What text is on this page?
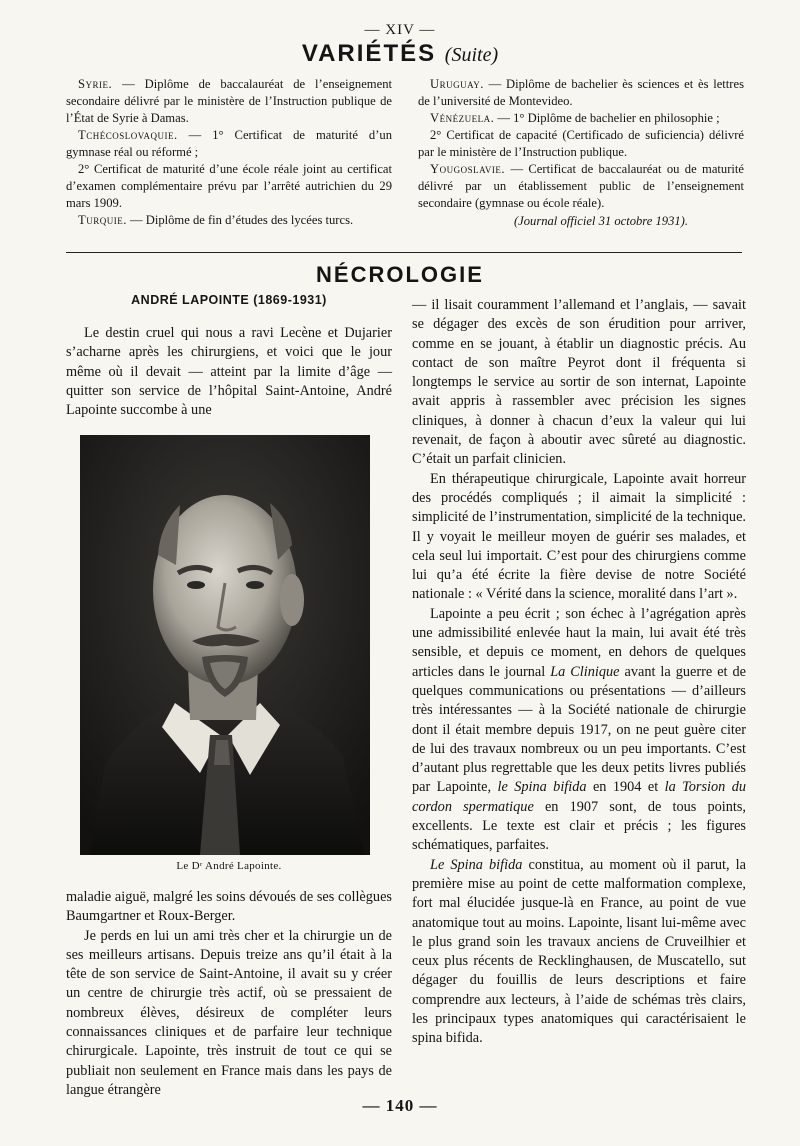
— XIV —
VARIÉTÉS (Suite)

Syrie. — Diplôme de baccalauréat de l’enseignement secondaire délivré par le ministère de l’Instruction publique de l’État de Syrie à Damas.

Tchécoslovaquie. — 1° Certificat de maturité d’un gymnase réal ou réformé ;

2° Certificat de maturité d’une école réale joint au certificat d’examen complémentaire prévu par l’arrêté autrichien du 29 mars 1909.

Turquie. — Diplôme de fin d’études des lycées turcs.

Uruguay. — Diplôme de bachelier ès sciences et ès lettres de l’université de Montevideo.

Vénézuela. — 1° Diplôme de bachelier en philosophie ;

2° Certificat de capacité (Certificado de suficiencia) délivré par le ministère de l’Instruction publique.

Yougoslavie. — Certificat de baccalauréat ou de maturité délivré par un établissement public de l’enseignement secondaire (gymnase ou école réale).

(Journal officiel 31 octobre 1931).

NÉCROLOGIE
ANDRÉ LAPOINTE (1869-1931)

Le destin cruel qui nous a ravi Lecène et Dujarier s’acharne après les chirurgiens, et voici que le jour même où il devait — atteint par la limite d’âge — quitter son service de l’hôpital Saint-Antoine, André Lapointe succombe à une

Le Dʳ André Lapointe.

maladie aiguë, malgré les soins dévoués de ses collègues Baumgartner et Roux-Berger.

Je perds en lui un ami très cher et la chirurgie un de ses meilleurs artisans. Depuis treize ans qu’il était à la tête de son service de Saint-Antoine, il avait su y créer un centre de chirurgie très actif, où se pressaient de nombreux élèves, désireux de compléter leurs connaissances cliniques et de parfaire leur technique chirurgicale. Lapointe, très instruit de tout ce qui se publiait non seulement en France mais dans les pays de langue étrangère

— il lisait couramment l’allemand et l’anglais, — savait se dégager des excès de son érudition pour arriver, comme en se jouant, à établir un diagnostic précis. Au contact de son maître Peyrot dont il fréquenta si longtemps le service au sortir de son internat, Lapointe avait appris à rassembler avec précision les signes cliniques, à donner à chacun d’eux la valeur qui lui revenait, de façon à aboutir avec sûreté au diagnostic. C’était un parfait clinicien.

En thérapeutique chirurgicale, Lapointe avait horreur des procédés compliqués ; il aimait la simplicité : simplicité de l’instrumentation, simplicité de la technique. Il y voyait le meilleur moyen de guérir ses malades, et cela seul lui importait. C’est pour des chirurgiens comme lui qu’a été écrite la fière devise de notre Société nationale : « Vérité dans la science, moralité dans l’art ».

Lapointe a peu écrit ; son échec à l’agrégation après une admissibilité enlevée haut la main, lui avait été très sensible, et depuis ce moment, en dehors de quelques articles dans le journal La Clinique avant la guerre et de quelques communications ou présentations — d’ailleurs très intéressantes — à la Société nationale de chirurgie dont il était membre depuis 1917, on ne peut guère citer de lui des travaux nombreux ou un peu importants. C’est d’autant plus regrettable que les deux petits livres publiés par Lapointe, le Spina bifida en 1904 et la Torsion du cordon spermatique en 1907 sont, de tous points, excellents. Le texte est clair et précis ; les figures schématiques, parfaites.

Le Spina bifida constitua, au moment où il parut, la première mise au point de cette malformation complexe, fort mal élucidée jusque-là en France, au point de vue anatomique tout au moins. Lapointe, lisant lui-même avec le plus grand soin les travaux anciens de Cruveilhier et ceux plus récents de Recklinghausen, de Muscatello, sut dégager du fouillis de leurs descriptions et faire comprendre aux lecteurs, à l’aide de schémas très clairs, les principaux types anatomiques qui caractérisaient le spina bifida.

— 140 —
